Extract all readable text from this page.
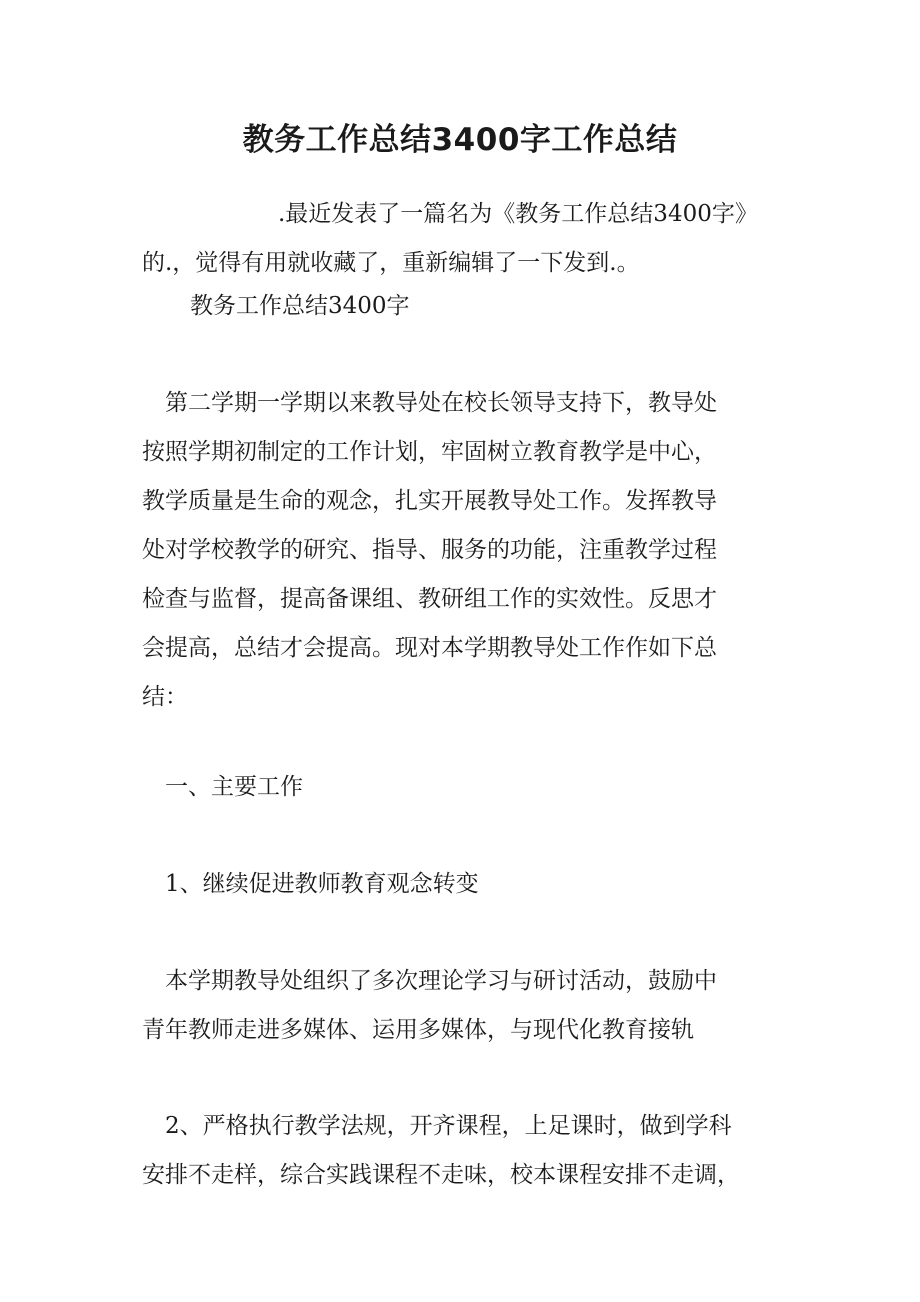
教务工作总结3400字工作总结
.最近发表了一篇名为《教务工作总结3400字》
的.，觉得有用就收藏了，重新编辑了一下发到.。
教务工作总结3400字
第二学期一学期以来教导处在校长领导支持下，教导处
按照学期初制定的工作计划，牢固树立教育教学是中心，
教学质量是生命的观念，扎实开展教导处工作。发挥教导
处对学校教学的研究、指导、服务的功能，注重教学过程
检查与监督，提高备课组、教研组工作的实效性。反思才
会提高，总结才会提高。现对本学期教导处工作作如下总
结：
一、主要工作
1、继续促进教师教育观念转变
本学期教导处组织了多次理论学习与研讨活动，鼓励中
青年教师走进多媒体、运用多媒体，与现代化教育接轨
2、严格执行教学法规，开齐课程，上足课时，做到学科
安排不走样，综合实践课程不走味，校本课程安排不走调，
